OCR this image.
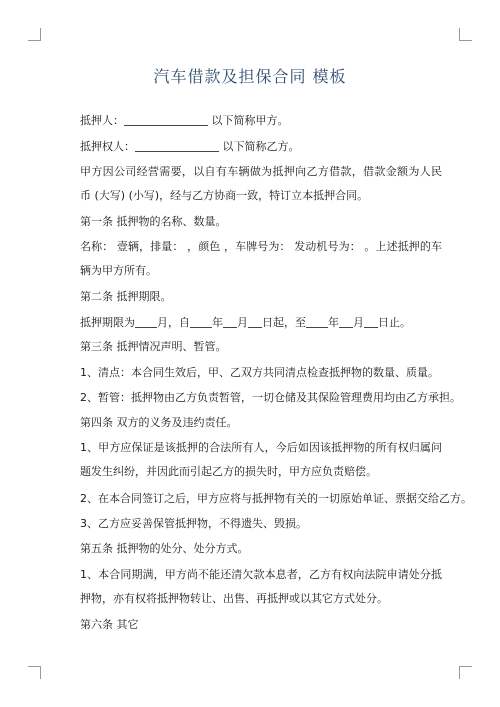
汽车借款及担保合同 模板
抵押人：	以下简称甲方。
抵押权人：	以下简称乙方。
甲方因公司经营需要，以自有车辆做为抵押向乙方借款，借款金额为人民币 (大写) (小写)，经与乙方协商一致，特订立本抵押合同。
第一条 抵押物的名称、数量。
名称： 壹辆，排量： ，颜色 ，车牌号为： 发动机号为： 。上述抵押的车辆为甲方所有。
第二条 抵押期限。
抵押期限为 月，自 年 月 日起，至 年 月 日止。
第三条 抵押情况声明、暂管。
1、清点：本合同生效后，甲、乙双方共同清点检查抵押物的数量、质量。
2、暂管：抵押物由乙方负责暂管，一切仓储及其保险管理费用均由乙方承担。
第四条 双方的义务及违约责任。
1、甲方应保证是该抵押的合法所有人，今后如因该抵押物的所有权归属问题发生纠纷，并因此而引起乙方的损失时，甲方应负责赔偿。
2、在本合同签订之后，甲方应将与抵押物有关的一切原始单证、票据交给乙方。
3、乙方应妥善保管抵押物，不得遗失、毁损。
第五条 抵押物的处分、处分方式。
1、本合同期满，甲方尚不能还清欠款本息者，乙方有权向法院申请处分抵押物，亦有权将抵押物转让、出售、再抵押或以其它方式处分。
第六条 其它
